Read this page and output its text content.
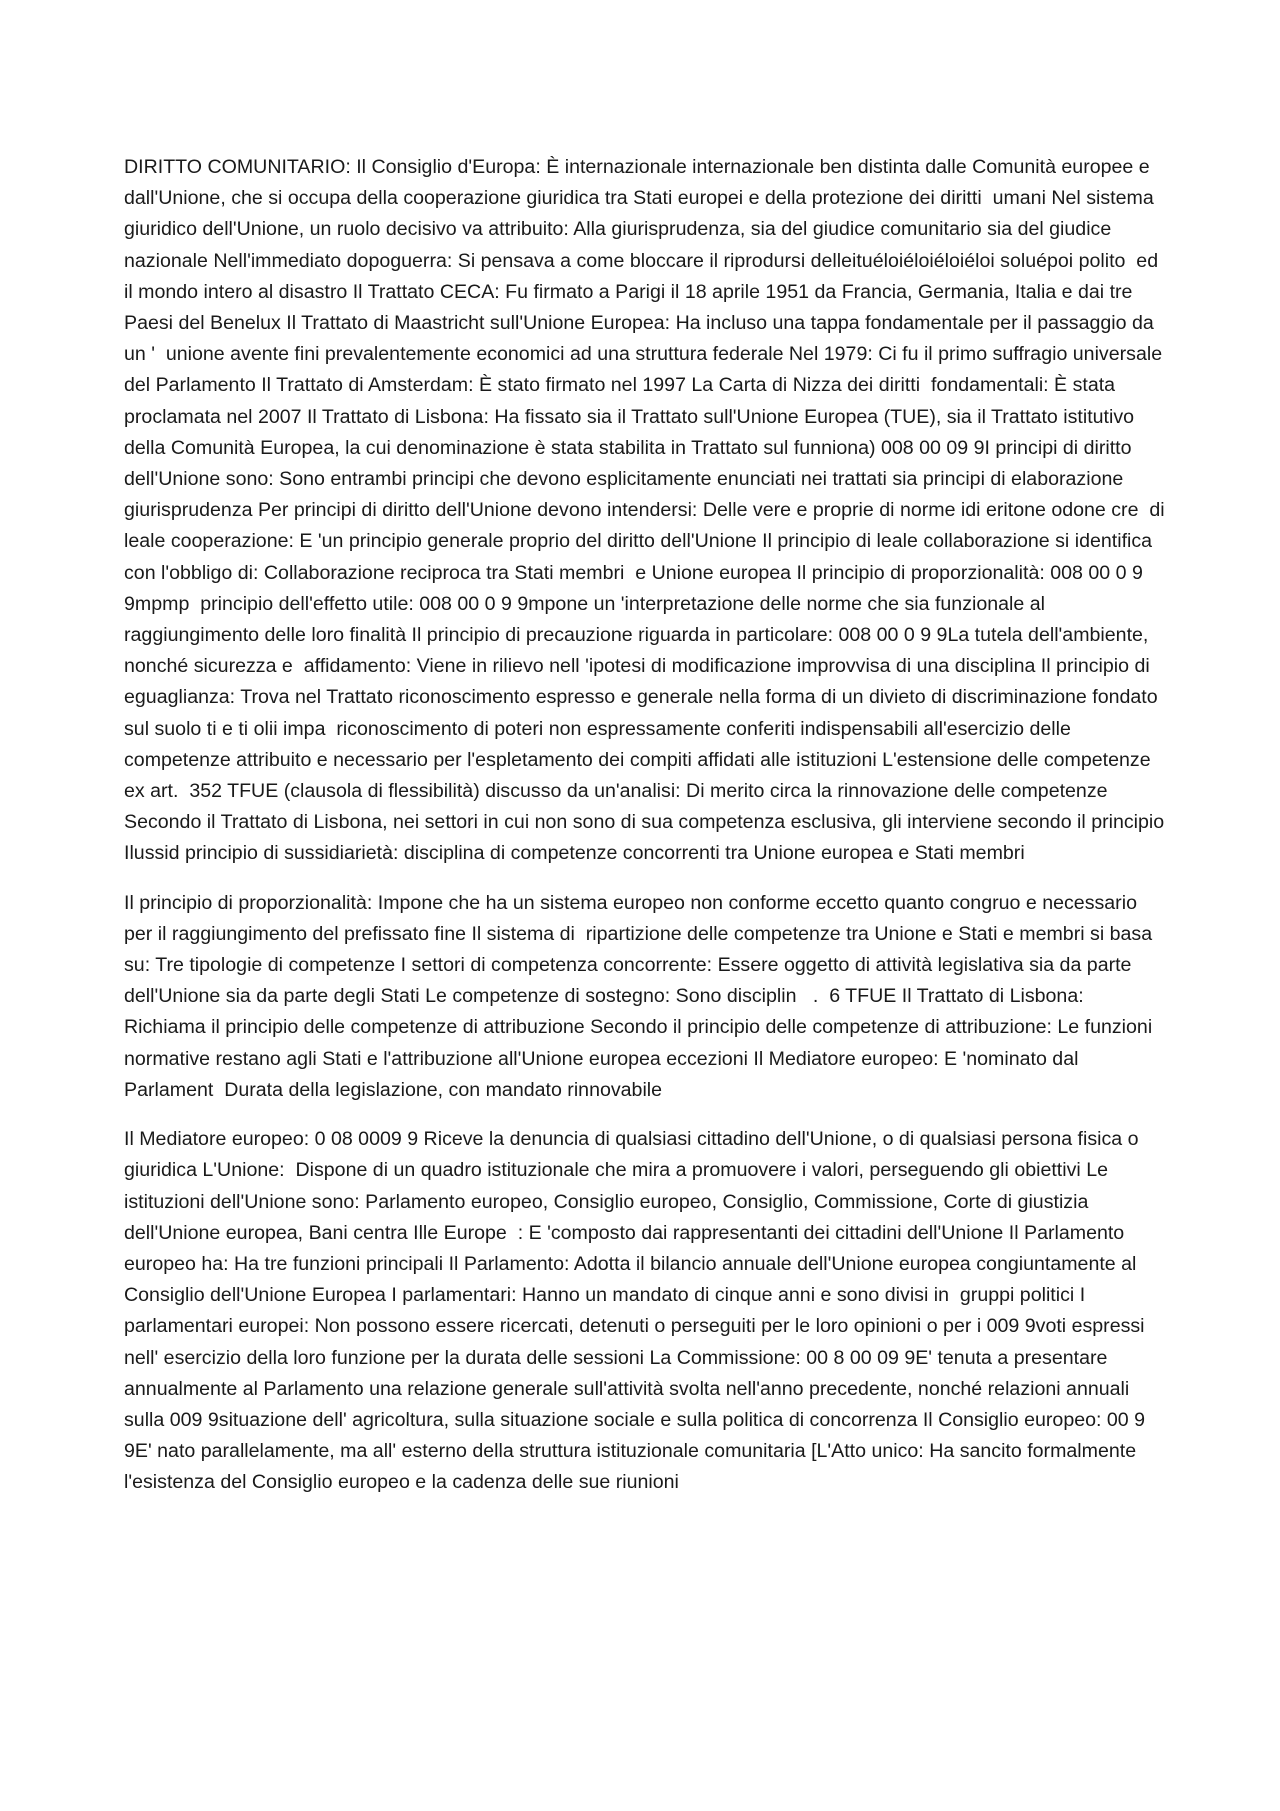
DIRITTO COMUNITARIO: Il Consiglio d'Europa: È internazionale internazionale ben distinta dalle Comunità europee e dall'Unione, che si occupa della cooperazione giuridica tra Stati europei e della protezione dei diritti  umani Nel sistema giuridico dell'Unione, un ruolo decisivo va attribuito: Alla giurisprudenza, sia del giudice comunitario sia del giudice nazionale Nell'immediato dopoguerra: Si pensava a come bloccare il riprodursi delleituéloiéloiéloiéloi soluépoi polito  ed il mondo intero al disastro Il Trattato CECA: Fu firmato a Parigi il 18 aprile 1951 da Francia, Germania, Italia e dai tre Paesi del Benelux Il Trattato di Maastricht sull'Unione Europea: Ha incluso una tappa fondamentale per il passaggio da un '  unione avente fini prevalentemente economici ad una struttura federale Nel 1979: Ci fu il primo suffragio universale del Parlamento Il Trattato di Amsterdam: È stato firmato nel 1997 La Carta di Nizza dei diritti  fondamentali: È stata proclamata nel 2007 Il Trattato di Lisbona: Ha fissato sia il Trattato sull'Unione Europea (TUE), sia il Trattato istitutivo della Comunità Europea, la cui denominazione è stata stabilita in Trattato sul funniona) 008 00 09 9I principi di diritto dell'Unione sono: Sono entrambi principi che devono esplicitamente enunciati nei trattati sia principi di elaborazione giurisprudenza Per principi di diritto dell'Unione devono intendersi: Delle vere e proprie di norme idi eritone odone cre  di leale cooperazione: E 'un principio generale proprio del diritto dell'Unione Il principio di leale collaborazione si identifica con l'obbligo di: Collaborazione reciproca tra Stati membri  e Unione europea Il principio di proporzionalità: 008 00 0 9 9mpmp  principio dell'effetto utile: 008 00 0 9 9mpone un 'interpretazione delle norme che sia funzionale al raggiungimento delle loro finalità Il principio di precauzione riguarda in particolare: 008 00 0 9 9La tutela dell'ambiente, nonché sicurezza e  affidamento: Viene in rilievo nell 'ipotesi di modificazione improvvisa di una disciplina Il principio di eguaglianza: Trova nel Trattato riconoscimento espresso e generale nella forma di un divieto di discriminazione fondato sul suolo ti e ti olii impa  riconoscimento di poteri non espressamente conferiti indispensabili all'esercizio delle competenze attribuito e necessario per l'espletamento dei compiti affidati alle istituzioni L'estensione delle competenze ex art.  352 TFUE (clausola di flessibilità) discusso da un'analisi: Di merito circa la rinnovazione delle competenze Secondo il Trattato di Lisbona, nei settori in cui non sono di sua competenza esclusiva, gli interviene secondo il principio Ilussid principio di sussidiarietà: disciplina di competenze concorrenti tra Unione europea e Stati membri

Il principio di proporzionalità: Impone che ha un sistema europeo non conforme eccetto quanto congruo e necessario per il raggiungimento del prefissato fine Il sistema di  ripartizione delle competenze tra Unione e Stati e membri si basa su: Tre tipologie di competenze I settori di competenza concorrente: Essere oggetto di attività legislativa sia da parte dell'Unione sia da parte degli Stati Le competenze di sostegno: Sono disciplin   .  6 TFUE Il Trattato di Lisbona: Richiama il principio delle competenze di attribuzione Secondo il principio delle competenze di attribuzione: Le funzioni normative restano agli Stati e l'attribuzione all'Unione europea eccezioni Il Mediatore europeo: E 'nominato dal Parlament  Durata della legislazione, con mandato rinnovabile

Il Mediatore europeo: 0 08 0009 9 Riceve la denuncia di qualsiasi cittadino dell'Unione, o di qualsiasi persona fisica o giuridica L'Unione:  Dispone di un quadro istituzionale che mira a promuovere i valori, perseguendo gli obiettivi Le istituzioni dell'Unione sono: Parlamento europeo, Consiglio europeo, Consiglio, Commissione, Corte di giustizia dell'Unione europea, Bani centra Ille Europe  : E 'composto dai rappresentanti dei cittadini dell'Unione Il Parlamento europeo ha: Ha tre funzioni principali Il Parlamento: Adotta il bilancio annuale dell'Unione europea congiuntamente al Consiglio dell'Unione Europea I parlamentari: Hanno un mandato di cinque anni e sono divisi in  gruppi politici I parlamentari europei: Non possono essere ricercati, detenuti o perseguiti per le loro opinioni o per i 009 9voti espressi nell' esercizio della loro funzione per la durata delle sessioni La Commissione: 00 8 00 09 9E' tenuta a presentare annualmente al Parlamento una relazione generale sull'attività svolta nell'anno precedente, nonché relazioni annuali sulla 009 9situazione dell' agricoltura, sulla situazione sociale e sulla politica di concorrenza Il Consiglio europeo: 00 9 9E' nato parallelamente, ma all' esterno della struttura istituzionale comunitaria [L'Atto unico: Ha sancito formalmente l'esistenza del Consiglio europeo e la cadenza delle sue riunioni
